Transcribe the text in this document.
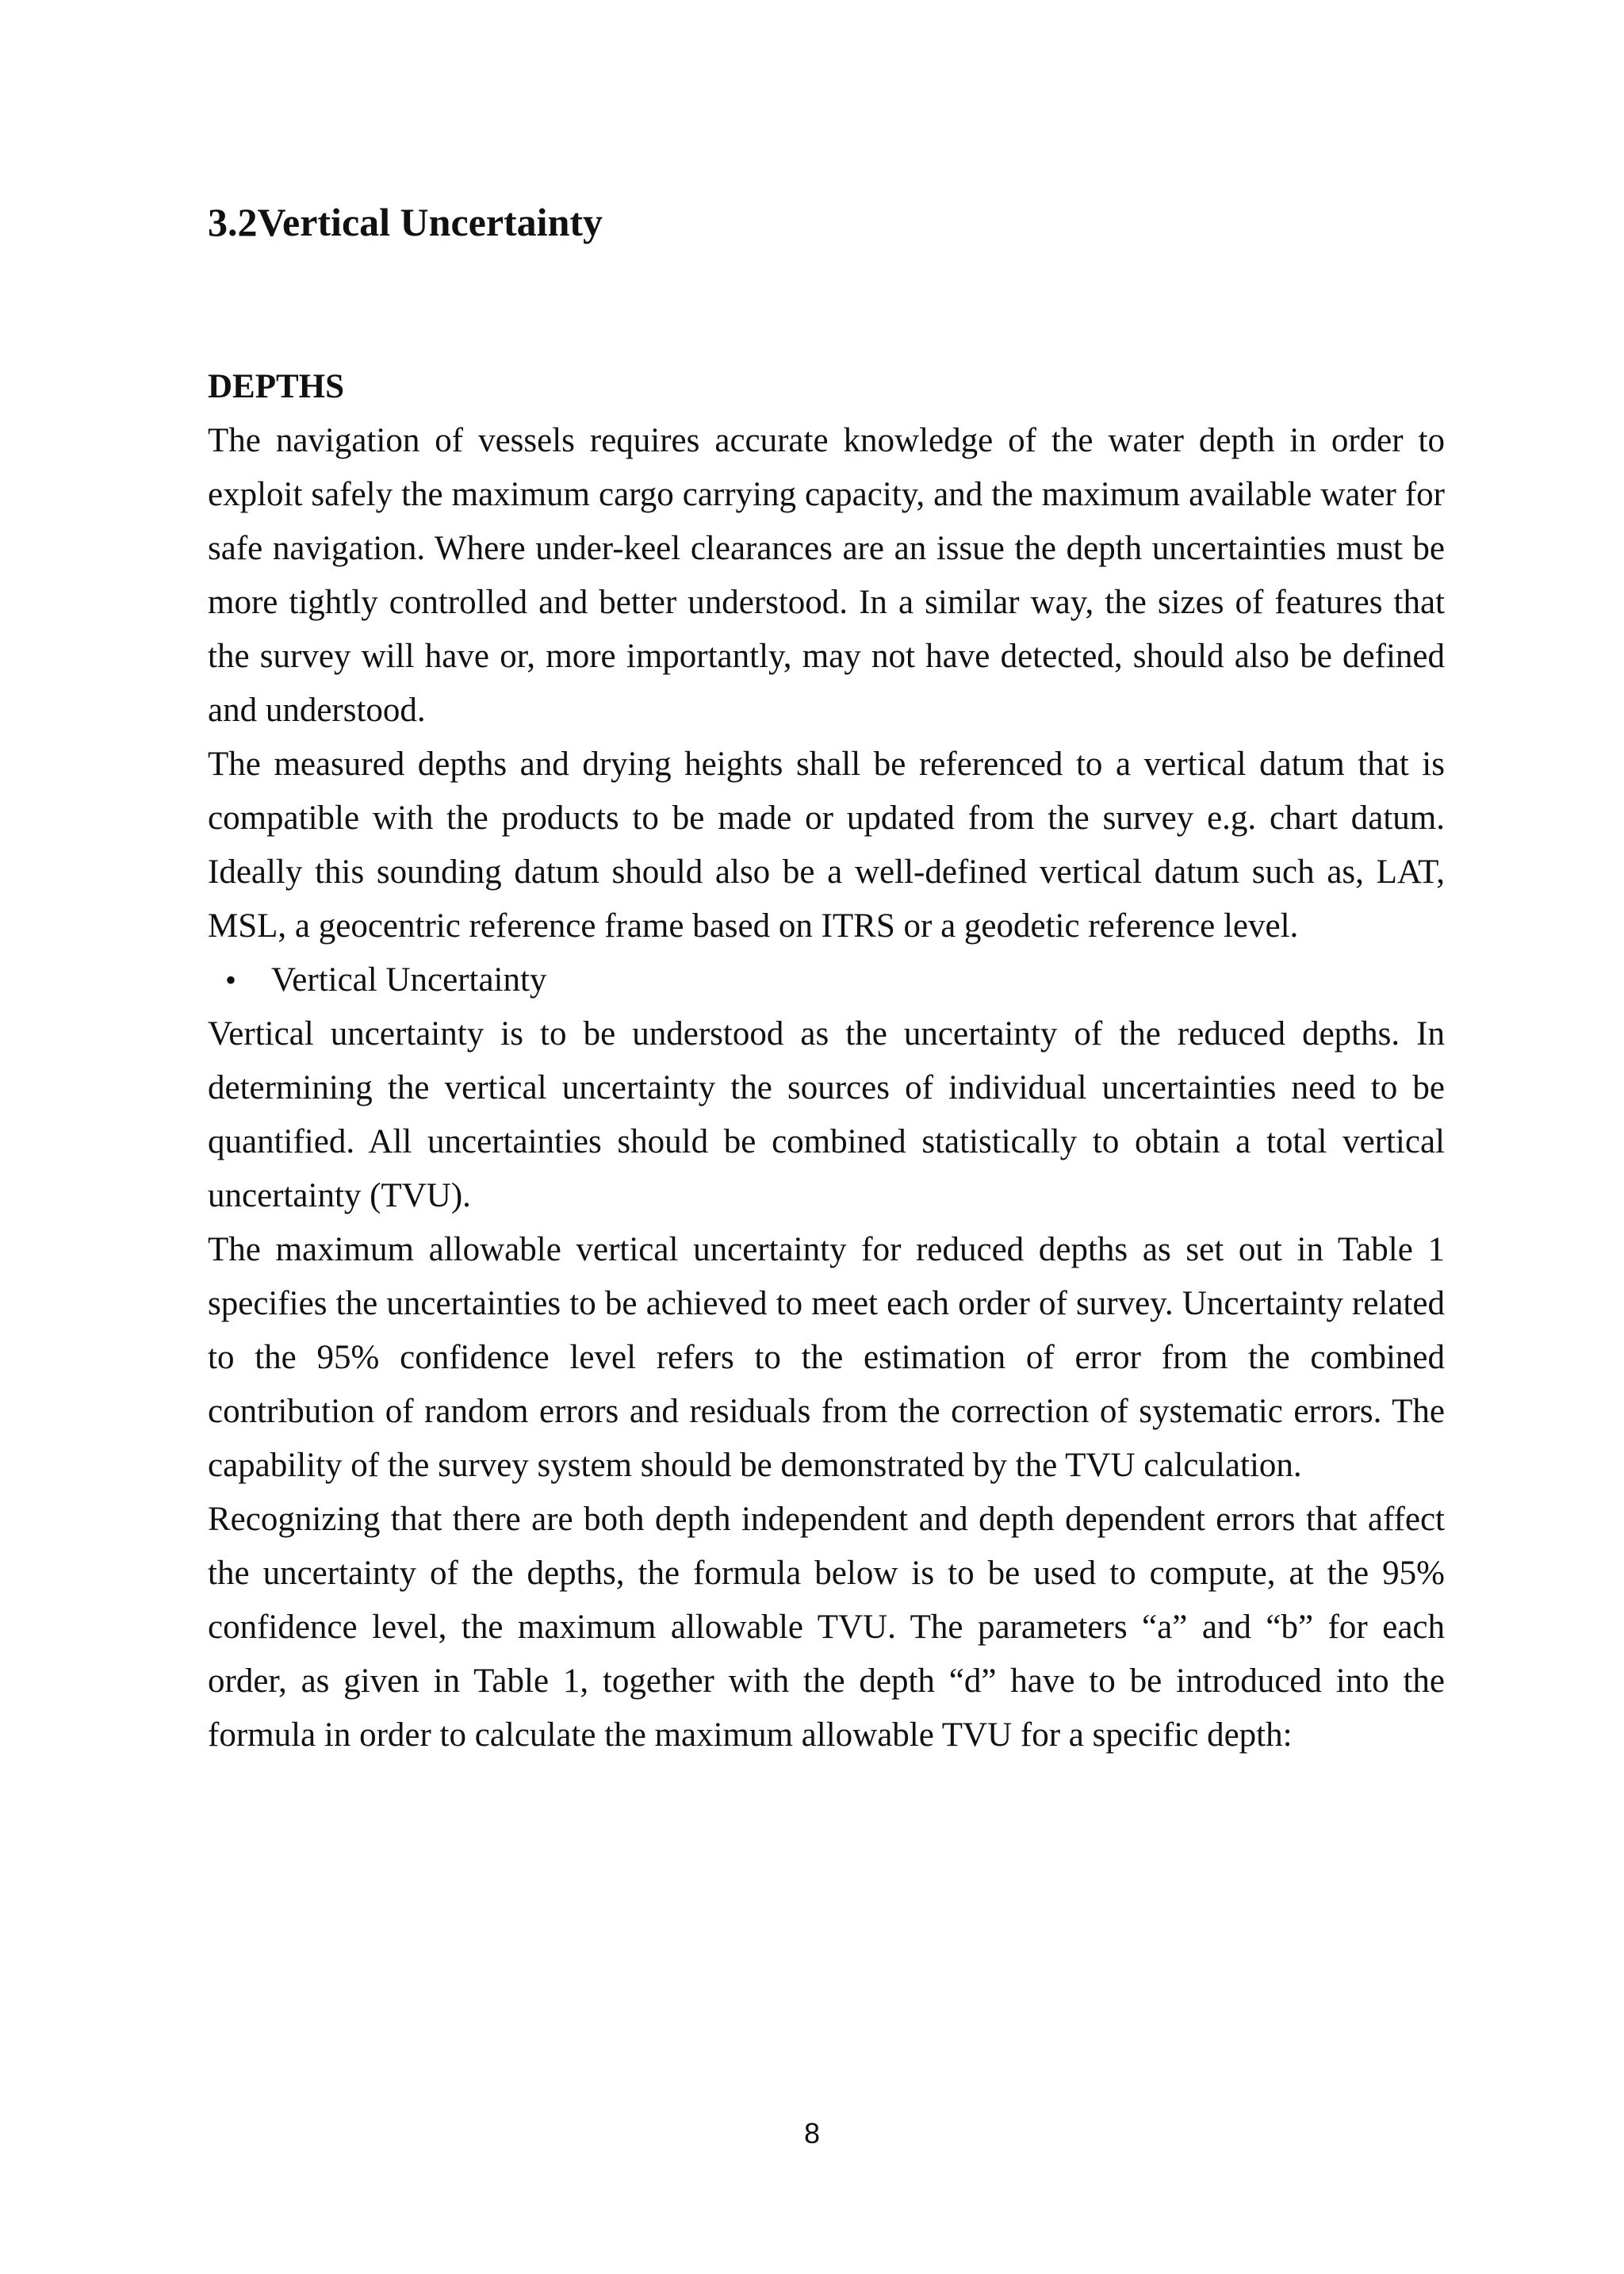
3.2Vertical Uncertainty
DEPTHS

The navigation of vessels requires accurate knowledge of the water depth in order to exploit safely the maximum cargo carrying capacity, and the maximum available water for safe navigation. Where under-keel clearances are an issue the depth uncertainties must be more tightly controlled and better understood. In a similar way, the sizes of features that the survey will have or, more importantly, may not have detected, should also be defined and understood.

The measured depths and drying heights shall be referenced to a vertical datum that is compatible with the products to be made or updated from the survey e.g. chart datum. Ideally this sounding datum should also be a well-defined vertical datum such as, LAT, MSL, a geocentric reference frame based on ITRS or a geodetic reference level.

• Vertical Uncertainty

Vertical uncertainty is to be understood as the uncertainty of the reduced depths. In determining the vertical uncertainty the sources of individual uncertainties need to be quantified. All uncertainties should be combined statistically to obtain a total vertical uncertainty (TVU).

The maximum allowable vertical uncertainty for reduced depths as set out in Table 1 specifies the uncertainties to be achieved to meet each order of survey. Uncertainty related to the 95% confidence level refers to the estimation of error from the combined contribution of random errors and residuals from the correction of systematic errors. The capability of the survey system should be demonstrated by the TVU calculation.

Recognizing that there are both depth independent and depth dependent errors that affect the uncertainty of the depths, the formula below is to be used to compute, at the 95% confidence level, the maximum allowable TVU. The parameters “a” and “b” for each order, as given in Table 1, together with the depth “d” have to be introduced into the formula in order to calculate the maximum allowable TVU for a specific depth:

8
